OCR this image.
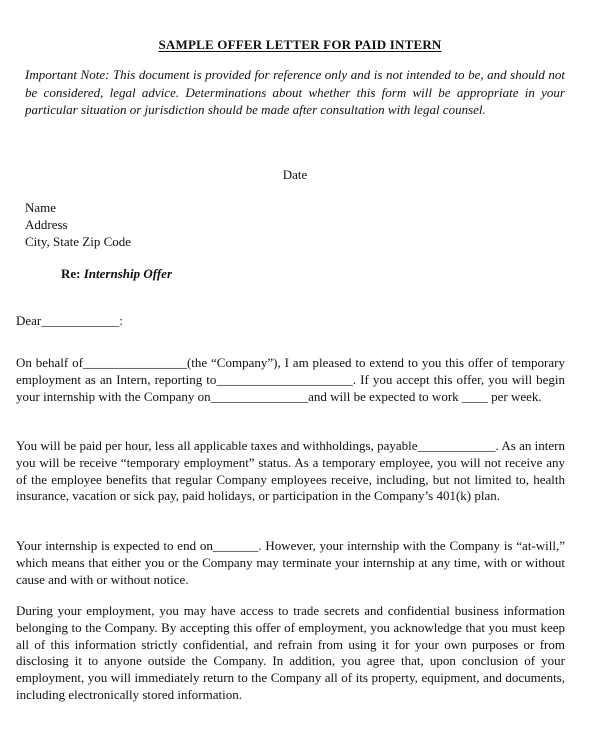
SAMPLE OFFER LETTER FOR PAID INTERN

Important Note: This document is provided for reference only and is not intended to be, and should not be considered, legal advice. Determinations about whether this form will be appropriate in your particular situation or jurisdiction should be made after consultation with legal counsel.

Date

Name
Address
City, State Zip Code

Re: Internship Offer

Dear____________:

On behalf of________________(the “Company”), I am pleased to extend to you this offer of temporary employment as an Intern, reporting to_____________________. If you accept this offer, you will begin your internship with the Company on_______________and will be expected to work ____ per week.

You will be paid per hour, less all applicable taxes and withholdings, payable____________. As an intern you will be receive “temporary employment” status. As a temporary employee, you will not receive any of the employee benefits that regular Company employees receive, including, but not limited to, health insurance, vacation or sick pay, paid holidays, or participation in the Company’s 401(k) plan.

Your internship is expected to end on_______. However, your internship with the Company is “at-will,” which means that either you or the Company may terminate your internship at any time, with or without cause and with or without notice.

During your employment, you may have access to trade secrets and confidential business information belonging to the Company. By accepting this offer of employment, you acknowledge that you must keep all of this information strictly confidential, and refrain from using it for your own purposes or from disclosing it to anyone outside the Company. In addition, you agree that, upon conclusion of your employment, you will immediately return to the Company all of its property, equipment, and documents, including electronically stored information.
